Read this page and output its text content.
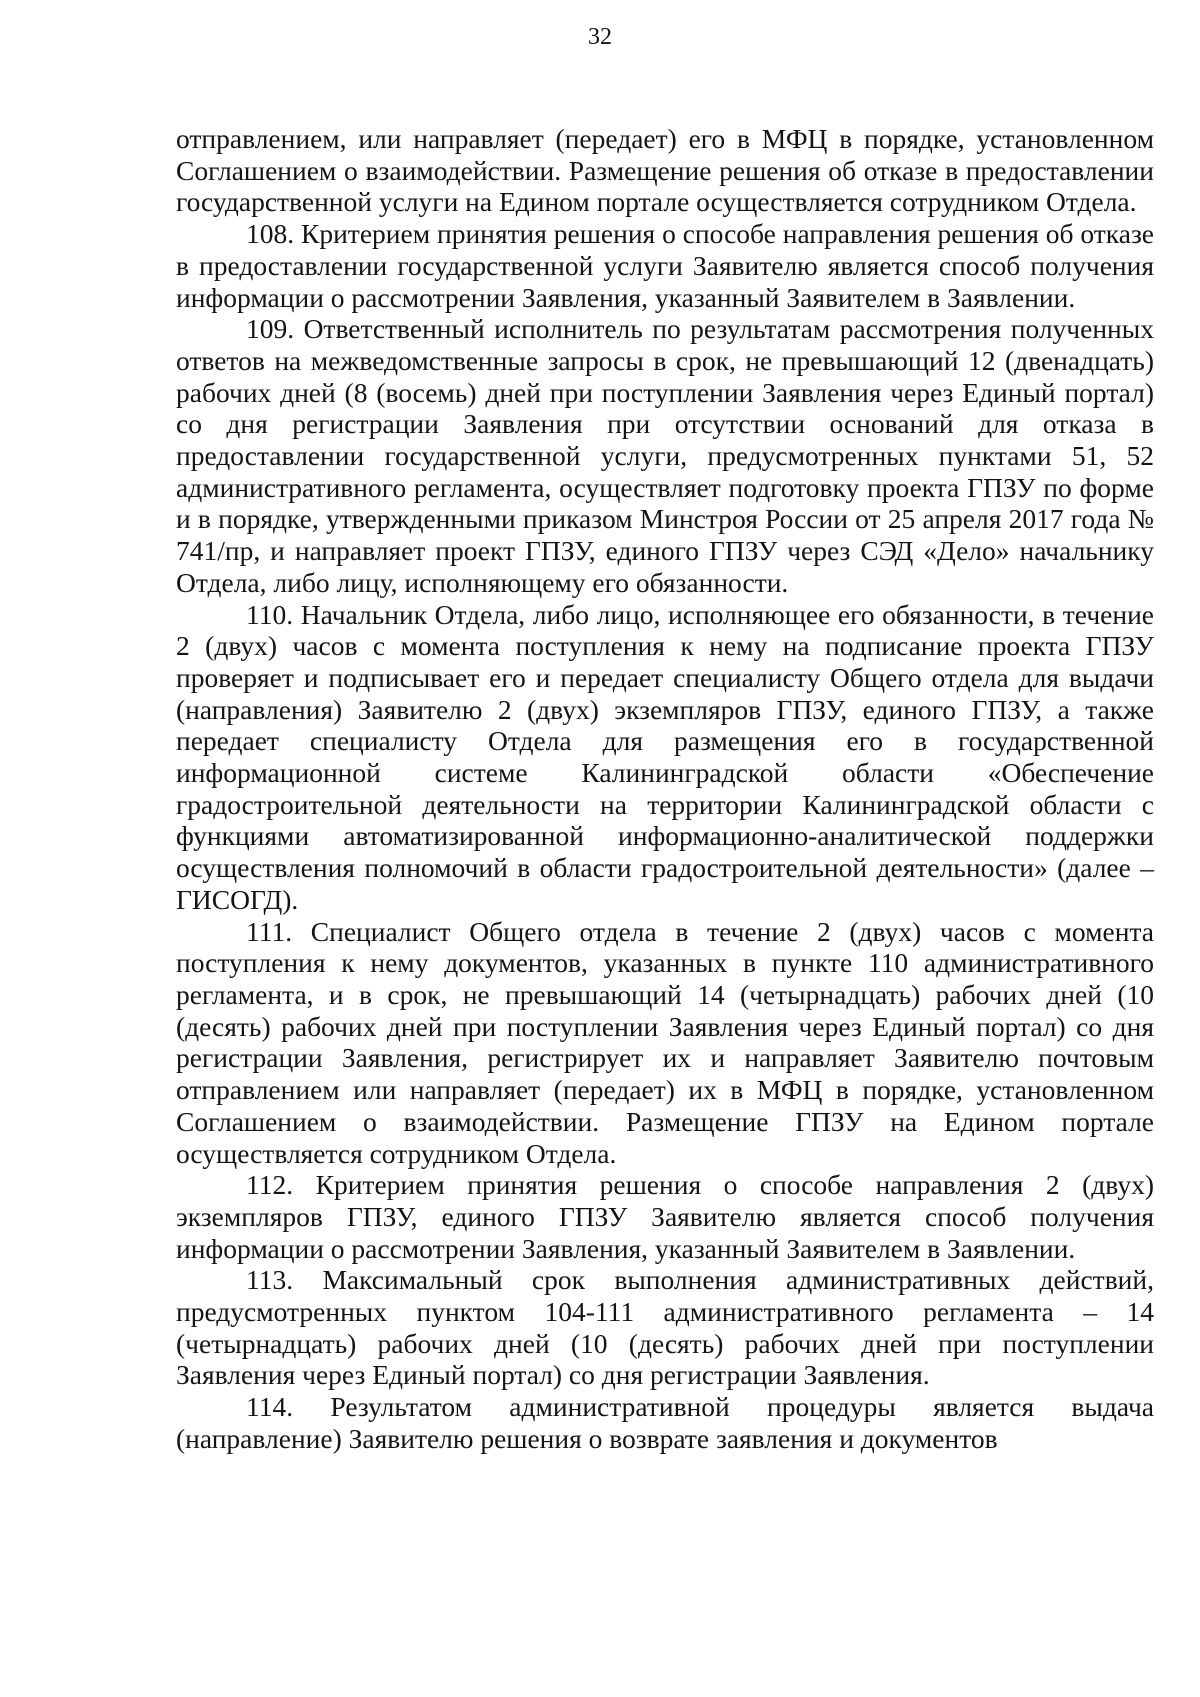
32

отправлением, или направляет (передает) его в МФЦ в порядке, установленном Соглашением о взаимодействии. Размещение решения об отказе в предоставлении государственной услуги на Едином портале осуществляется сотрудником Отдела.

108. Критерием принятия решения о способе направления решения об отказе в предоставлении государственной услуги Заявителю является способ получения информации о рассмотрении Заявления, указанный Заявителем в Заявлении.

109. Ответственный исполнитель по результатам рассмотрения полученных ответов на межведомственные запросы в срок, не превышающий 12 (двенадцать) рабочих дней (8 (восемь) дней при поступлении Заявления через Единый портал) со дня регистрации Заявления при отсутствии оснований для отказа в предоставлении государственной услуги, предусмотренных пунктами 51, 52 административного регламента, осуществляет подготовку проекта ГПЗУ по форме и в порядке, утвержденными приказом Минстроя России от 25 апреля 2017 года № 741/пр, и направляет проект ГПЗУ, единого ГПЗУ через СЭД «Дело» начальнику Отдела, либо лицу, исполняющему его обязанности.

110. Начальник Отдела, либо лицо, исполняющее его обязанности, в течение 2 (двух) часов с момента поступления к нему на подписание проекта ГПЗУ проверяет и подписывает его и передает специалисту Общего отдела для выдачи (направления) Заявителю 2 (двух) экземпляров ГПЗУ, единого ГПЗУ, а также передает специалисту Отдела для размещения его в государственной информационной системе Калининградской области «Обеспечение градостроительной деятельности на территории Калининградской области с функциями автоматизированной информационно-аналитической поддержки осуществления полномочий в области градостроительной деятельности» (далее – ГИСОГД).

111. Специалист Общего отдела в течение 2 (двух) часов с момента поступления к нему документов, указанных в пункте 110 административного регламента, и в срок, не превышающий 14 (четырнадцать) рабочих дней (10 (десять) рабочих дней при поступлении Заявления через Единый портал) со дня регистрации Заявления, регистрирует их и направляет Заявителю почтовым отправлением или направляет (передает) их в МФЦ в порядке, установленном Соглашением о взаимодействии. Размещение ГПЗУ на Едином портале осуществляется сотрудником Отдела.

112. Критерием принятия решения о способе направления 2 (двух) экземпляров ГПЗУ, единого ГПЗУ Заявителю является способ получения информации о рассмотрении Заявления, указанный Заявителем в Заявлении.

113. Максимальный срок выполнения административных действий, предусмотренных пунктом 104-111 административного регламента – 14 (четырнадцать) рабочих дней (10 (десять) рабочих дней при поступлении Заявления через Единый портал) со дня регистрации Заявления.

114. Результатом административной процедуры является выдача (направление) Заявителю решения о возврате заявления и документов
